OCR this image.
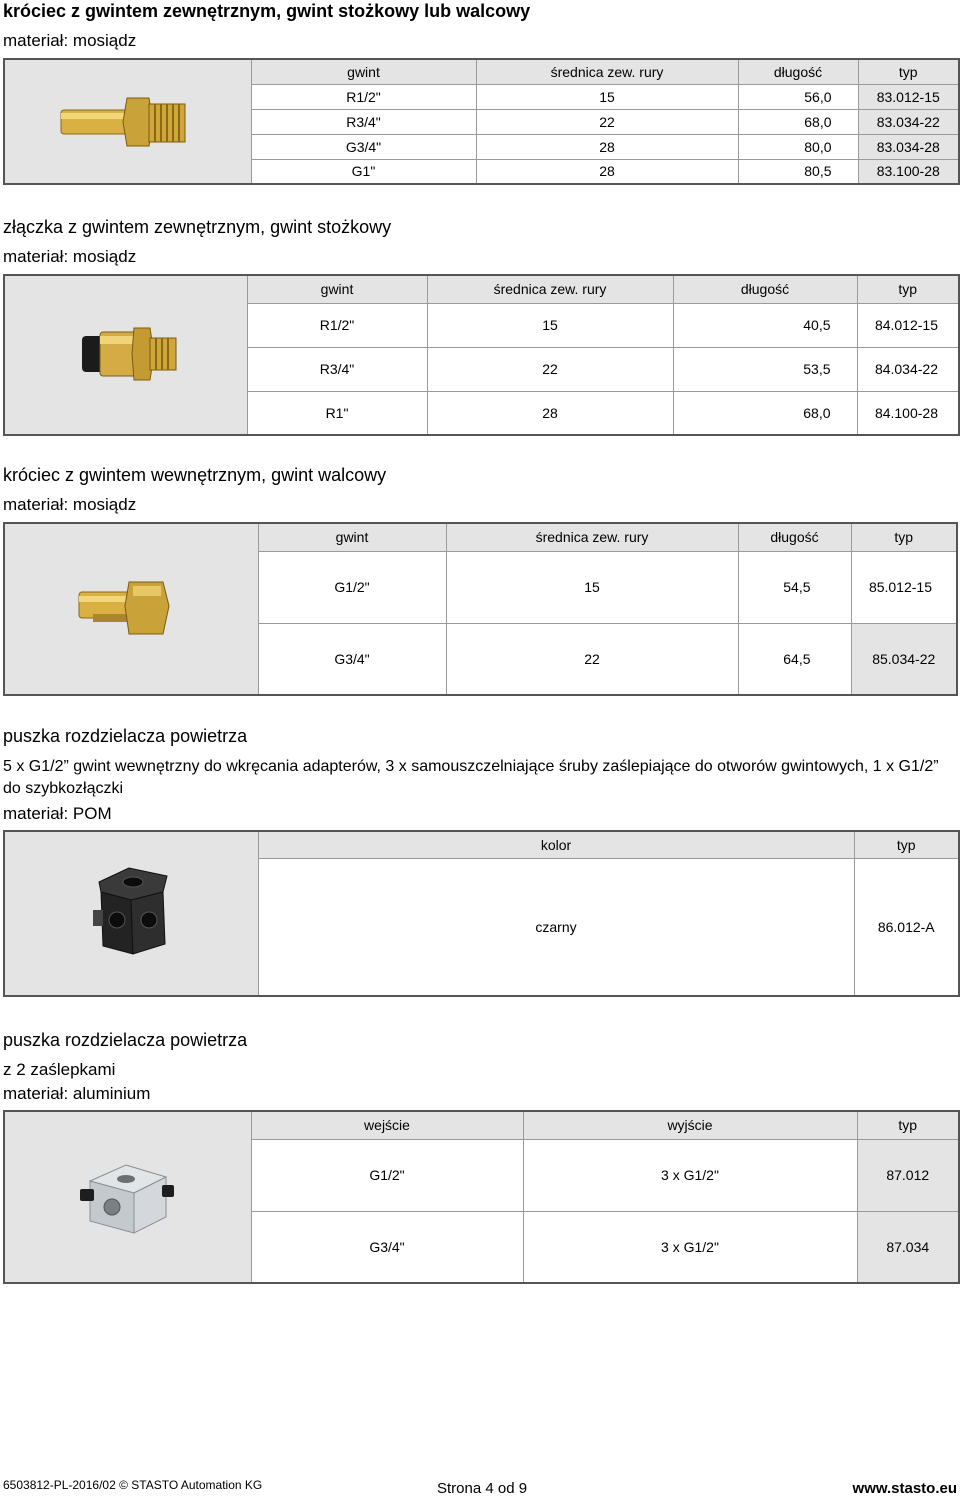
króciec z gwintem zewnętrznym, gwint stożkowy lub walcowy
materiał: mosiądz
	gwint	średnica zew. rury	długość	typ
	R1/2"	15	56,0	83.012-15
	R3/4"	22	68,0	83.034-22
	G3/4"	28	80,0	83.034-28
	G1"	28	80,5	83.100-28
złączka z gwintem zewnętrznym, gwint stożkowy
materiał: mosiądz
	gwint	średnica zew. rury	długość	typ
	R1/2"	15	40,5	84.012-15
	R3/4"	22	53,5	84.034-22
	R1"	28	68,0	84.100-28
króciec z gwintem wewnętrznym, gwint walcowy
materiał: mosiądz
	gwint	średnica zew. rury	długość	typ
	G1/2"	15	54,5	85.012-15
	G3/4"	22	64,5	85.034-22
puszka rozdzielacza powietrza
5 x G1/2” gwint wewnętrzny do wkręcania adapterów, 3 x samouszczelniające śruby zaślepiające do otworów gwintowych, 1 x G1/2” do szybkozłączki
materiał: POM
	kolor	typ
	czarny	86.012-A
puszka rozdzielacza powietrza
z 2 zaślepkami
materiał: aluminium
	wejście	wyjście	typ
	G1/2"	3 x G1/2"	87.012
	G3/4"	3 x G1/2"	87.034
6503812-PL-2016/02 © STASTO Automation KG	Strona 4 od 9	www.stasto.eu
